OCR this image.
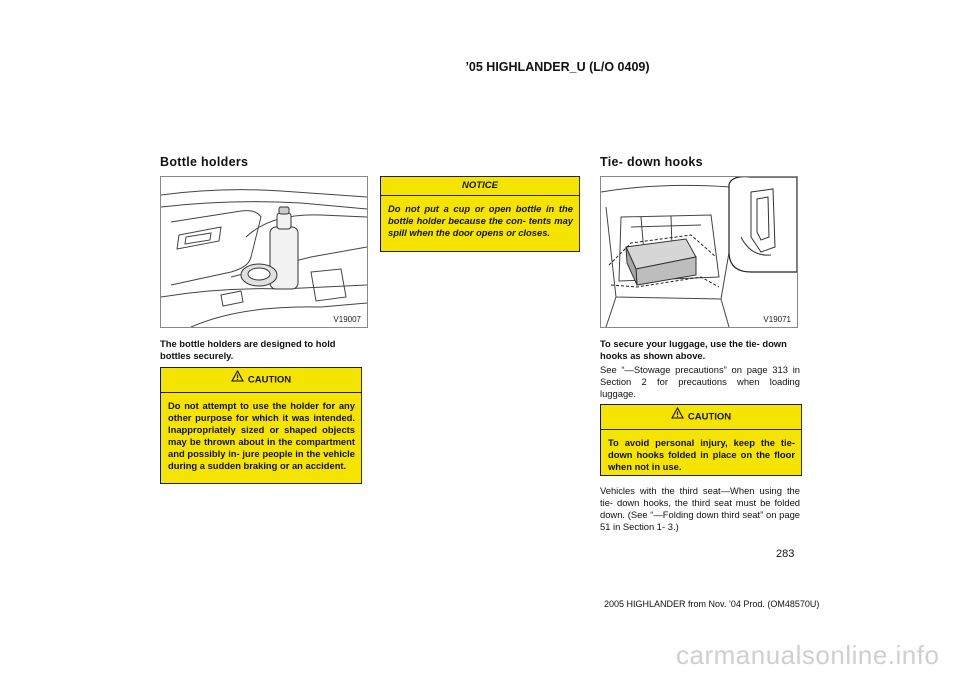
’05 HIGHLANDER_U (L/O 0409)
Bottle holders
V19007
The bottle holders are designed to hold bottles securely.
CAUTION
Do not attempt to use the holder for any other purpose for which it was intended. Inappropriately sized or shaped objects may be thrown about in the compartment and possibly in- jure people in the vehicle during a sudden braking or an accident.
NOTICE
Do not put a cup or open bottle in the bottle holder because the con- tents may spill when the door opens or closes.
Tie- down hooks
V19071
To secure your luggage, use the tie- down hooks as shown above.
See “—Stowage precautions” on page 313 in Section 2 for precautions when loading luggage.
CAUTION
To avoid personal injury, keep the tie- down hooks folded in place on the floor when not in use.
Vehicles with the third seat—When using the tie- down hooks, the third seat must be folded down. (See “—Folding down third seat” on page 51 in Section 1- 3.)
283
2005 HIGHLANDER from Nov. ’04 Prod. (OM48570U)
carmanualsonline.info
